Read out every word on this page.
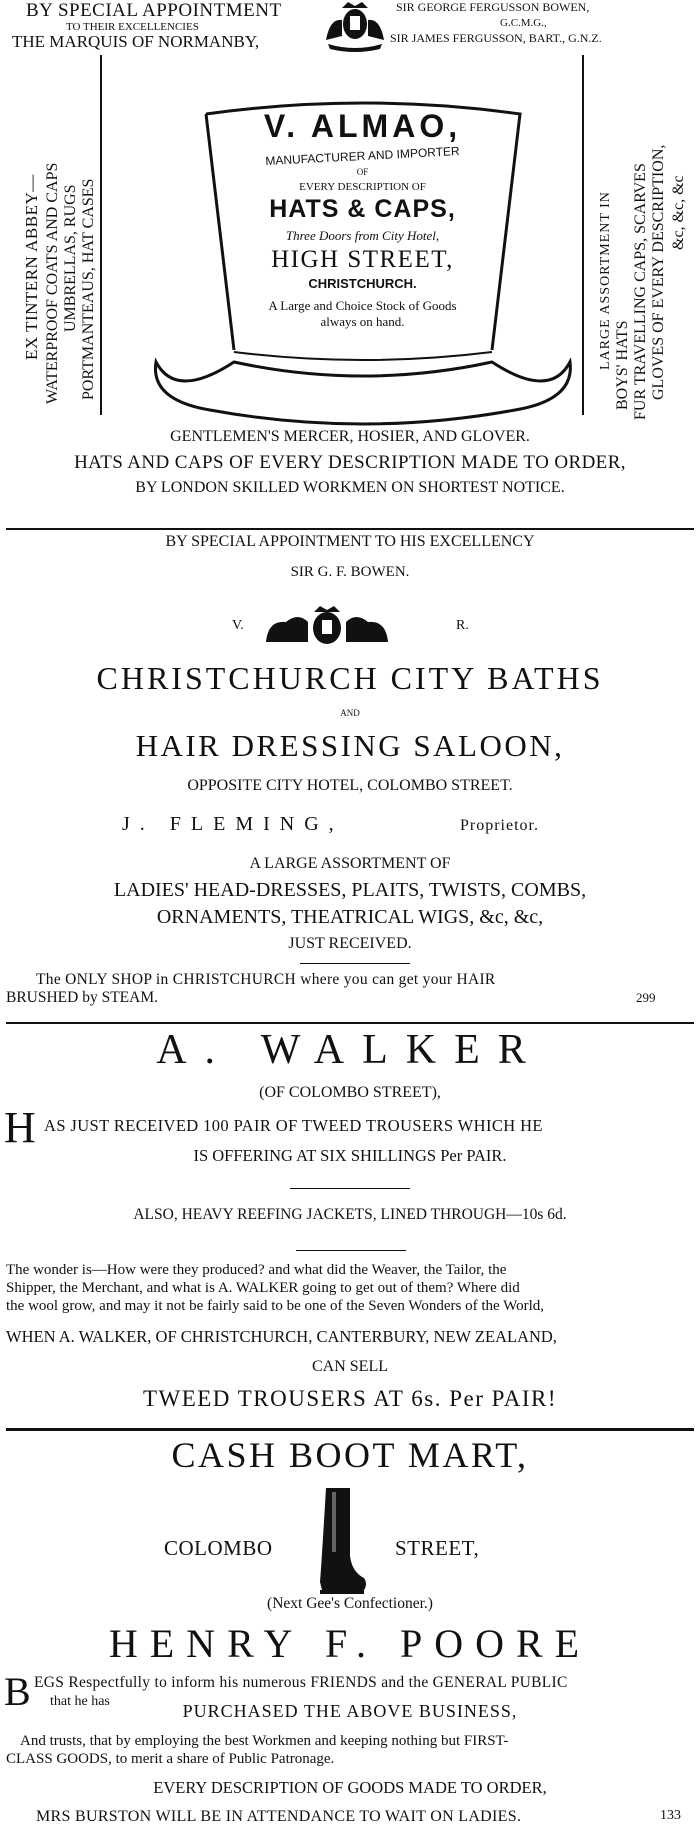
BY SPECIAL APPOINTMENT
TO THEIR EXCELLENCIES
THE MARQUIS OF NORMANBY,
SIR GEORGE FERGUSSON BOWEN,
G.C.M.G.,
SIR JAMES FERGUSSON, BART., G.N.Z.
EX TINTERN ABBEY— WATERPROOF COATS AND CAPS UMBRELLAS, RUGS PORTMANTEAUS, HAT CASES	LARGE ASSORTMENT IN BOYS' HATS FUR TRAVELLING CAPS, SCARVES GLOVES OF EVERY DESCRIPTION, &c, &c, &c
V. ALMAO,
MANUFACTURER AND IMPORTER
OF
EVERY DESCRIPTION OF
HATS & CAPS,
Three Doors from City Hotel,
HIGH STREET,
CHRISTCHURCH.
A Large and Choice Stock of Goods
always on hand.
GENTLEMEN'S MERCER, HOSIER, AND GLOVER.
HATS AND CAPS OF EVERY DESCRIPTION MADE TO ORDER,
BY LONDON SKILLED WORKMEN ON SHORTEST NOTICE.
BY SPECIAL APPOINTMENT TO HIS EXCELLENCY
SIR G. F. BOWEN.
V.	R.
CHRISTCHURCH CITY BATHS
AND
HAIR DRESSING SALOON,
OPPOSITE CITY HOTEL, COLOMBO STREET.
J. FLEMING,	Proprietor.
A LARGE ASSORTMENT OF
LADIES' HEAD-DRESSES, PLAITS, TWISTS, COMBS,
ORNAMENTS, THEATRICAL WIGS, &c, &c,
JUST RECEIVED.
The ONLY SHOP in CHRISTCHURCH where you can get your HAIR
BRUSHED by STEAM.	299
A. WALKER
(OF COLOMBO STREET),
H AS JUST RECEIVED 100 PAIR OF TWEED TROUSERS WHICH HE
IS OFFERING AT SIX SHILLINGS Per PAIR.
ALSO, HEAVY REEFING JACKETS, LINED THROUGH—10s 6d.
The wonder is—How were they produced? and what did the Weaver, the Tailor, the
Shipper, the Merchant, and what is A. WALKER going to get out of them? Where did
the wool grow, and may it not be fairly said to be one of the Seven Wonders of the World,
WHEN A. WALKER, OF CHRISTCHURCH, CANTERBURY, NEW ZEALAND,
CAN SELL
TWEED TROUSERS AT 6s. Per PAIR!
CASH BOOT MART,
COLOMBO	STREET,
(Next Gee's Confectioner.)
HENRY F. POORE
B EGS Respectfully to inform his numerous FRIENDS and the GENERAL PUBLIC
that he has	PURCHASED THE ABOVE BUSINESS,
And trusts, that by employing the best Workmen and keeping nothing but FIRST-
CLASS GOODS, to merit a share of Public Patronage.
EVERY DESCRIPTION OF GOODS MADE TO ORDER,
MRS BURSTON WILL BE IN ATTENDANCE TO WAIT ON LADIES.	133
